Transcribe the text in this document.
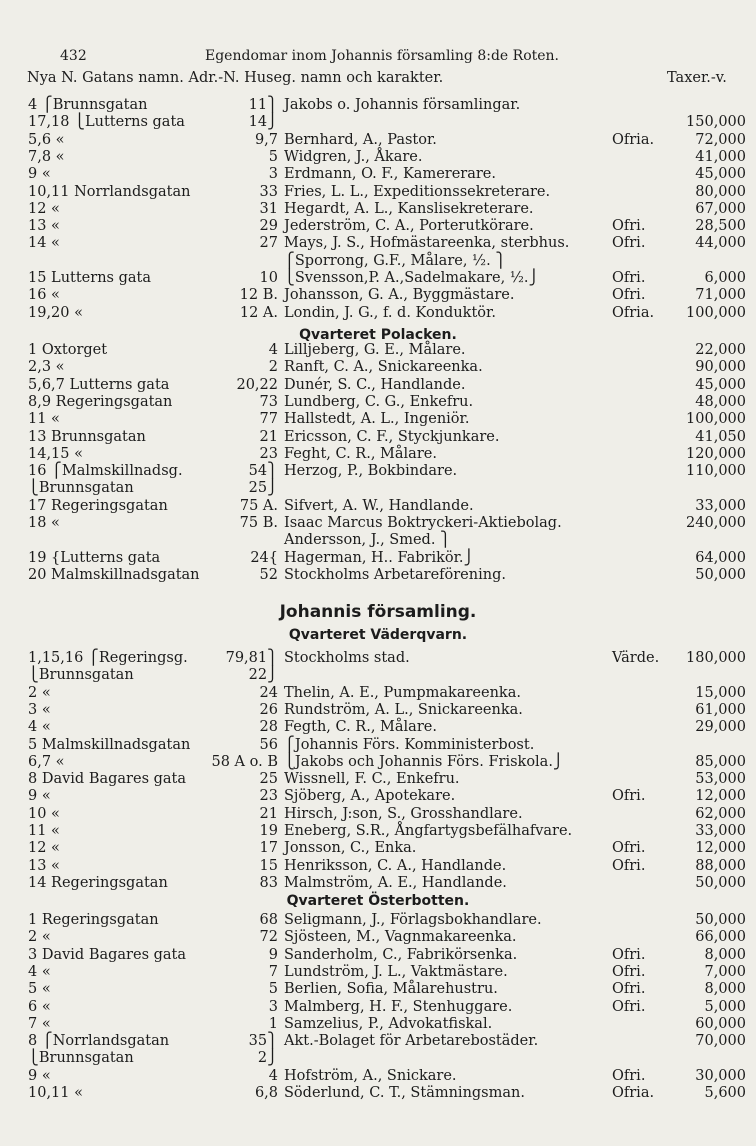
432	Egendomar inom Johannis församling 8:de Roten.
Nya N. Gatans namn. Adr.-N. Huseg. namn och karakter.	Taxer.-v.
4 ⎧Brunnsgatan	11⎫ Jakobs o. Johannis församlingar.
17,18 ⎩Lutterns gata	14⎭	150,000
5,6 «	9,7 Bernhard, A., Pastor.	Ofria.	72,000
7,8 «	5 Widgren, J., Åkare.	41,000
9 «	3 Erdmann, O. F., Kamererare.	45,000
10,11 Norrlandsgatan	33 Fries, L. L., Expeditionssekreterare.	80,000
12 «	31 Hegardt, A. L., Kanslisekreterare.	67,000
13 «	29 Jederström, C. A., Porterutkörare.	Ofri.	28,500
14 «	27 Mays, J. S., Hofmästareenka, sterbhus.	Ofri.	44,000
⎧Sporrong, G.F., Målare, ½. ⎫
15 Lutterns gata	10 ⎩Svensson,P. A.,Sadelmakare, ½.⎭	Ofri.	6,000
16 «	12 B. Johansson, G. A., Byggmästare.	Ofri.	71,000
19,20 «	12 A. Londin, J. G., f. d. Konduktör.	Ofria.	100,000
Qvarteret Polacken.
1 Oxtorget	4 Lilljeberg, G. E., Målare.	22,000
2,3 «	2 Ranft, C. A., Snickareenka.	90,000
5,6,7 Lutterns gata	20,22 Dunér, S. C., Handlande.	45,000
8,9 Regeringsgatan	73 Lundberg, C. G., Enkefru.	48,000
11 «	77 Hallstedt, A. L., Ingeniör.	100,000
13 Brunnsgatan	21 Ericsson, C. F., Styckjunkare.	41,050
14,15 «	23 Feght, C. R., Målare.	120,000
16 ⎧Malmskillnadsg.	54⎫ Herzog, P., Bokbindare.	110,000
⎩Brunnsgatan	25⎭
17 Regeringsgatan	75 A. Sifvert, A. W., Handlande.	33,000
18 «	75 B. Isaac Marcus Boktryckeri-Aktiebolag.	240,000
Andersson, J., Smed. ⎫
19 {Lutterns gata	24{ Hagerman, H.. Fabrikör.⎭	64,000
20 Malmskillnadsgatan	52 Stockholms Arbetareförening.	50,000
Johannis församling.
Qvarteret Väderqvarn.
1,15,16 ⎧Regeringsg.	79,81⎫ Stockholms stad.	Värde.	180,000
⎩Brunnsgatan	22⎭
2 «	24 Thelin, A. E., Pumpmakareenka.	15,000
3 «	26 Rundström, A. L., Snickareenka.	61,000
4 «	28 Fegth, C. R., Målare.	29,000
5 Malmskillnadsgatan	56 ⎧Johannis Förs. Komministerbost.
6,7 «	58 A o. B ⎩Jakobs och Johannis Förs. Friskola.⎭	85,000
8 David Bagares gata	25 Wissnell, F. C., Enkefru.	53,000
9 «	23 Sjöberg, A., Apotekare.	Ofri.	12,000
10 «	21 Hirsch, J:son, S., Grosshandlare.	62,000
11 «	19 Eneberg, S.R., Ångfartygsbefälhafvare.	33,000
12 «	17 Jonsson, C., Enka.	Ofri.	12,000
13 «	15 Henriksson, C. A., Handlande.	Ofri.	88,000
14 Regeringsgatan	83 Malmström, A. E., Handlande.	50,000
Qvarteret Österbotten.
1 Regeringsgatan	68 Seligmann, J., Förlagsbokhandlare.	50,000
2 «	72 Sjösteen, M., Vagnmakareenka.	66,000
3 David Bagares gata	9 Sanderholm, C., Fabrikörsenka.	Ofri.	8,000
4 «	7 Lundström, J. L., Vaktmästare.	Ofri.	7,000
5 «	5 Berlien, Sofia, Målarehustru.	Ofri.	8,000
6 «	3 Malmberg, H. F., Stenhuggare.	Ofri.	5,000
7 «	1 Samzelius, P., Advokatfiskal.	60,000
8 ⎧Norrlandsgatan	35⎫ Akt.-Bolaget för Arbetarebostäder.	70,000
⎩Brunnsgatan	2⎭
9 «	4 Hofström, A., Snickare.	Ofri.	30,000
10,11 «	6,8 Söderlund, C. T., Stämningsman.	Ofria.	5,600
